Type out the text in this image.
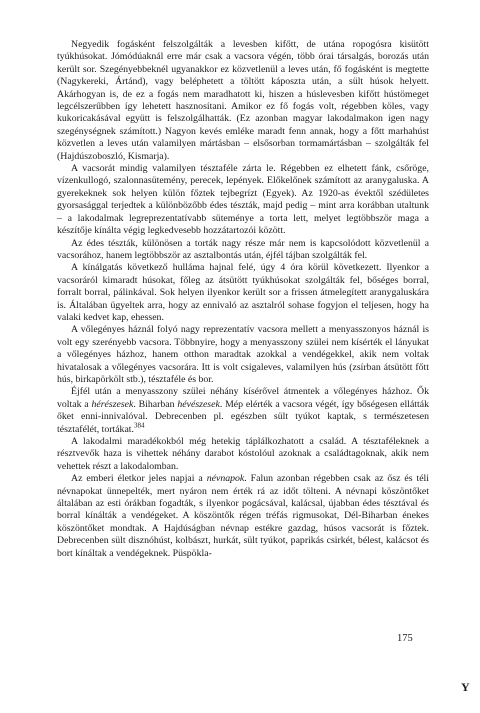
Negyedik fogásként felszolgálták a levesben kifőtt, de utána ropogósra kisütött tyúkhúsokat. Jómódúaknál erre már csak a vacsora végén, több órai társalgás, borozás után került sor. Szegényebbeknél ugyanakkor ez közvetlenül a leves után, fő fogásként is megtette (Nagykereki, Ártánd), vagy beléphetett a töltött káposzta után, a sült húsok helyett. Akárhogyan is, de ez a fogás nem maradhatott ki, hiszen a húslevesben kifőtt hústömeget legcélszerűbben így lehetett hasznosítani. Amikor ez fő fogás volt, régebben köles, vagy kukoricakásával együtt is felszolgálhatták. (Ez azonban magyar lakodalmakon igen nagy szegénységnek számított.) Nagyon kevés emléke maradt fenn annak, hogy a főtt marhahúst közvetlen a leves után valamilyen mártásban – elsősorban tormamártásban – szolgálták fel (Hajdúszoboszló, Kismarja).

A vacsorát mindig valamilyen tésztaféle zárta le. Régebben ez elhetett fánk, csőröge, vízenkullogó, szalonnasütemény, perecek, lepények. Előkelőnek számított az aranygaluska. A gyerekeknek sok helyen külön főztek tejbegrízt (Egyek). Az 1920-as évektől szédületes gyorsasággal terjedtek a különbözőbb édes tészták, majd pedig – mint arra korábban utaltunk – a lakodalmak legreprezentatívabb süteménye a torta lett, melyet legtöbbször maga a készítője kínálta végig legkedvesebb hozzátartozói között.

Az édes tészták, különösen a torták nagy része már nem is kapcsolódott közvetlenül a vacsorához, hanem legtöbbször az asztalbontás után, éjfél tájban szolgálták fel.

A kínálgatás következő hulláma hajnal felé, úgy 4 óra körül következett. Ilyenkor a vacsoráról kimaradt húsokat, főleg az átsütött tyúkhúsokat szolgálták fel, bőséges borral, forralt borral, pálinkával. Sok helyen ilyenkor került sor a frissen átmelegített aranygaluskára is. Általában ügyeltek arra, hogy az ennivaló az asztalról sohase fogyjon el teljesen, hogy ha valaki kedvet kap, ehessen.

A vőlegényes háznál folyó nagy reprezentatív vacsora mellett a menyasszonyos háznál is volt egy szerényebb vacsora. Többnyire, hogy a menyasszony szülei nem kísérték el lányukat a vőlegényes házhoz, hanem otthon maradtak azokkal a vendégekkel, akik nem voltak hivatalosak a vőlegényes vacsorára. Itt is volt csigaleves, valamilyen hús (zsírban átsütött főtt hús, birkapörkölt stb.), tésztaféle és bor.

Éjfél után a menyasszony szülei néhány kísérővel átmentek a vőlegényes házhoz. Ők voltak a hérészesek. Biharban hévészesek. Mép elérték a vacsora végét, így bőségesen ellátták őket enni-innivalóval. Debrecenben pl. egészben sült tyúkot kaptak, s természetesen tésztafélét, tortákat.$^{384}$

A lakodalmi maradékokból még hetekig táplálkozhatott a család. A tésztaféleknek a résztvevők haza is vihettek néhány darabot kóstolóul azoknak a családtagoknak, akik nem vehettek részt a lakodalomban.

Az emberi életkor jeles napjai a névnapok. Falun azonban régebben csak az ősz és téli névnapokat ünnepelték, mert nyáron nem érték rá az időt tölteni. A névnapi köszöntőket általában az esti órákban fogadták, s ilyenkor pogácsával, kalácsal, újabban édes tésztával és borral kínálták a vendégeket. A köszöntők régen tréfás rigmusokat, Dél-Biharban énekes köszöntőket mondtak. A Hajdúságban névnap estékre gazdag, húsos vacsorát is főztek. Debrecenben sült disznóhúst, kolbászt, hurkát, sült tyúkot, paprikás csirkét, bélest, kalácsot és bort kínáltak a vendégeknek. Püspökla-

175
Y
